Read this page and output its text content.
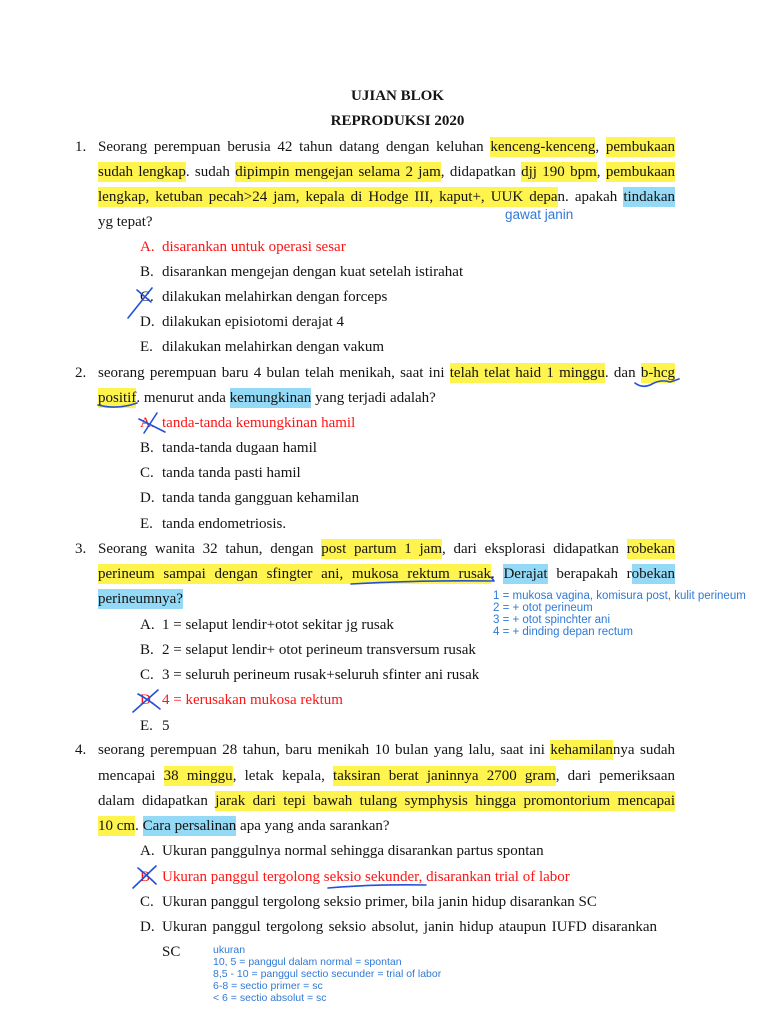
UJIAN BLOK
REPRODUKSI 2020
1. Seorang perempuan berusia 42 tahun datang dengan keluhan kenceng-kenceng, pembukaan
sudah lengkap. sudah dipimpin mengejan selama 2 jam, didapatkan djj 190 bpm, pembukaan
lengkap, ketuban pecah>24 jam, kepala di Hodge III, kaput+, UUK depan. apakah tindakan
yg tepat?	gawat janin
A. disarankan untuk operasi sesar
B. disarankan mengejan dengan kuat setelah istirahat
C. dilakukan melahirkan dengan forceps
D. dilakukan episiotomi derajat 4
E. dilakukan melahirkan dengan vakum
2. seorang perempuan baru 4 bulan telah menikah, saat ini telah telat haid 1 minggu. dan b-hcg
positif. menurut anda kemungkinan yang terjadi adalah?
A. tanda-tanda kemungkinan hamil
B. tanda-tanda dugaan hamil
C. tanda tanda pasti hamil
D. tanda tanda gangguan kehamilan
E. tanda endometriosis.
3. Seorang wanita 32 tahun, dengan post partum 1 jam, dari eksplorasi didapatkan robekan
perineum sampai dengan sfingter ani, mukosa rektum rusak. Derajat berapakah robekan
perineumnya?	1 = mukosa vagina, komisura post, kulit perineum
2 = + otot perineum
3 = + otot spinchter ani
4 = + dinding depan rectum
A. 1 = selaput lendir+otot sekitar jg rusak
B. 2 = selaput lendir+ otot perineum transversum rusak
C. 3 = seluruh perineum rusak+seluruh sfinter ani rusak
D. 4 = kerusakan mukosa rektum
E. 5
4. seorang perempuan 28 tahun, baru menikah 10 bulan yang lalu, saat ini kehamilannya sudah
mencapai 38 minggu, letak kepala, taksiran berat janinnya 2700 gram, dari pemeriksaan
dalam didapatkan jarak dari tepi bawah tulang symphysis hingga promontorium mencapai
10 cm. Cara persalinan apa yang anda sarankan?
A. Ukuran panggulnya normal sehingga disarankan partus spontan
B. Ukuran panggul tergolong seksio sekunder, disarankan trial of labor
C. Ukuran panggul tergolong seksio primer, bila janin hidup disarankan SC
D. Ukuran panggul tergolong seksio absolut, janin hidup ataupun IUFD disarankan
SC	ukuran
10, 5 = panggul dalam normal = spontan
8,5 - 10 = panggul sectio secunder = trial of labor
6-8 = sectio primer = sc
< 6 = sectio absolut = sc
